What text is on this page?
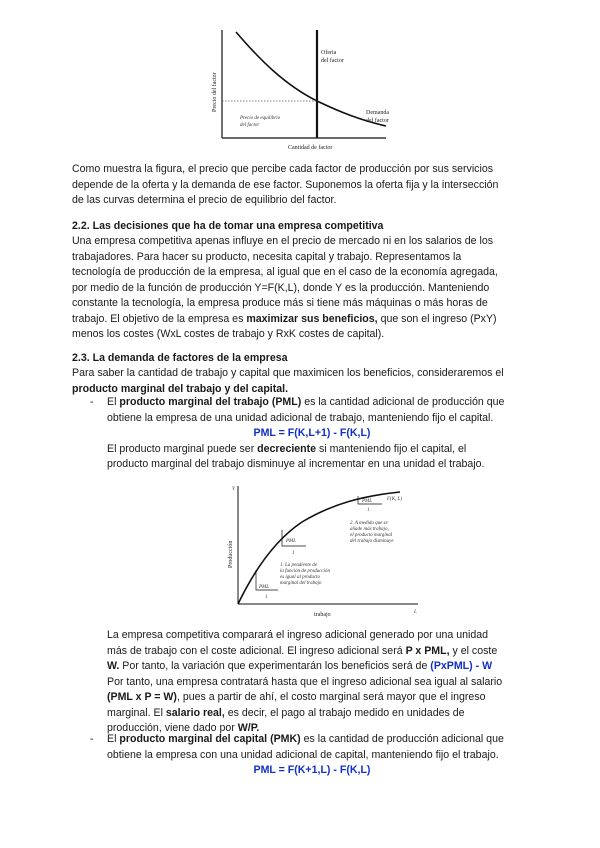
Precio del factor
Cantidad de factor
Oferta
del factor
Demanda
del factor
Precio de equilibrio
del factor
Como muestra la figura, el precio que percibe cada factor de producción por sus servicios
depende de la oferta y la demanda de ese factor. Suponemos la oferta fija y la intersección
de las curvas determina el precio de equilibrio del factor.
2.2. Las decisiones que ha de tomar una empresa competitiva
Una empresa competitiva apenas influye en el precio de mercado ni en los salarios de los
trabajadores. Para hacer su producto, necesita capital y trabajo. Representamos la
tecnología de producción de la empresa, al igual que en el caso de la economía agregada,
por medio de la función de producción Y=F(K,L), donde Y es la producción. Manteniendo
constante la tecnología, la empresa produce más si tiene más máquinas o más horas de
trabajo. El objetivo de la empresa es maximizar sus beneficios, que son el ingreso (PxY)
menos los costes (WxL costes de trabajo y RxK costes de capital).
2.3. La demanda de factores de la empresa
Para saber la cantidad de trabajo y capital que maximicen los beneficios, consideraremos el
producto marginal del trabajo y del capital.
- El producto marginal del trabajo (PML) es la cantidad adicional de producción que
obtiene la empresa de una unidad adicional de trabajo, manteniendo fijo el capital.
PML = F(K,L+1) - F(K,L)
El producto marginal puede ser decreciente si manteniendo fijo el capital, el
producto marginal del trabajo disminuye al incrementar en una unidad el trabajo.
Y
L
Producción
trabajo
F(K, L)
PML
PML
PML
1
1
1
1. La pendiente de
la función de producción
es igual al producto
marginal del trabajo
2. A medida que se
añade más trabajo,
el producto marginal
del trabajo disminuye
La empresa competitiva comparará el ingreso adicional generado por una unidad
más de trabajo con el coste adicional. El ingreso adicional será P x PML, y el coste
W. Por tanto, la variación que experimentarán los beneficios será de (PxPML) - W
Por tanto, una empresa contratará hasta que el ingreso adicional sea igual al salario
(PML x P = W), pues a partir de ahí, el costo marginal será mayor que el ingreso
marginal. El salario real, es decir, el pago al trabajo medido en unidades de
producción, viene dado por W/P.
- El producto marginal del capital (PMK) es la cantidad de producción adicional que
obtiene la empresa con una unidad adicional de capital, manteniendo fijo el trabajo.
PML = F(K+1,L) - F(K,L)
